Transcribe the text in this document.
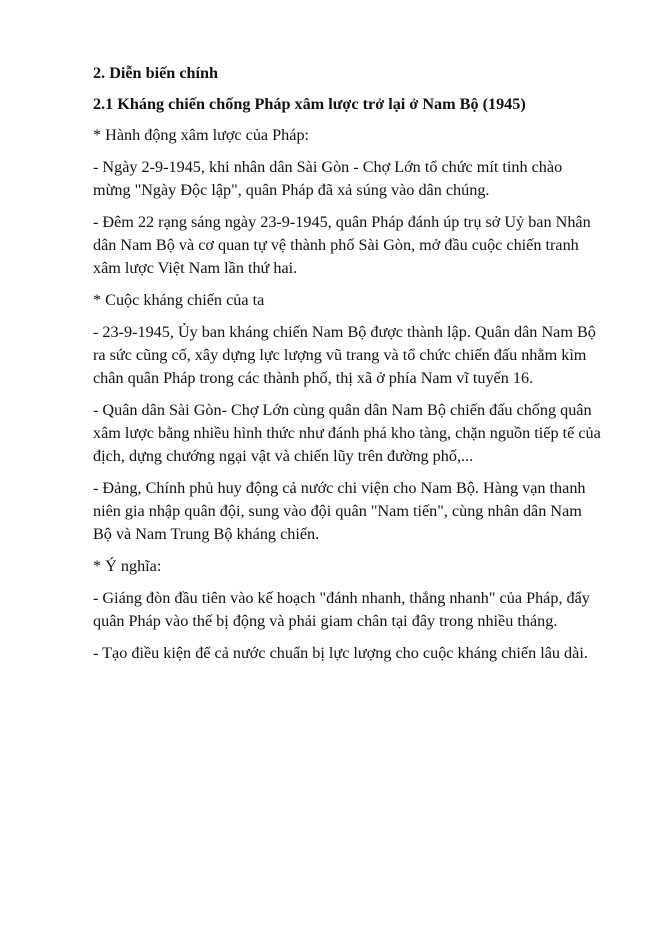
2. Diễn biến chính
2.1 Kháng chiến chống Pháp xâm lược trở lại ở Nam Bộ (1945)
* Hành động xâm lược của Pháp:
- Ngày 2-9-1945, khi nhân dân Sài Gòn - Chợ Lớn tổ chức mít tinh chào mừng "Ngày Độc lập", quân Pháp đã xả súng vào dân chúng.
- Đêm 22 rạng sáng ngày 23-9-1945, quân Pháp đánh úp trụ sở Uỷ ban Nhân dân Nam Bộ và cơ quan tự vệ thành phố Sài Gòn, mở đầu cuộc chiến tranh xâm lược Việt Nam lần thứ hai.
* Cuộc kháng chiến của ta
- 23-9-1945, Ủy ban kháng chiến Nam Bộ được thành lập. Quân dân Nam Bộ ra sức cũng cố, xây dựng lực lượng vũ trang và tổ chức chiến đấu nhằm kìm chân quân Pháp trong các thành phố, thị xã ở phía Nam vĩ tuyến 16.
- Quân dân Sài Gòn- Chợ Lớn cùng quân dân Nam Bộ chiến đấu chống quân xâm lược bằng nhiều hình thức như đánh phá kho tàng, chặn nguồn tiếp tế của địch, dựng chướng ngại vật và chiến lũy trên đường phố,...
- Đảng, Chính phủ huy động cả nước chi viện cho Nam Bộ. Hàng vạn thanh niên gia nhập quân đội, sung vào đội quân "Nam tiến", cùng nhân dân Nam Bộ và Nam Trung Bộ kháng chiến.
* Ý nghĩa:
- Giáng đòn đầu tiên vào kế hoạch "đánh nhanh, thắng nhanh" của Pháp, đẩy quân Pháp vào thế bị động và phải giam chân tại đây trong nhiều tháng.
- Tạo điều kiện để cả nước chuẩn bị lực lượng cho cuộc kháng chiến lâu dài.
